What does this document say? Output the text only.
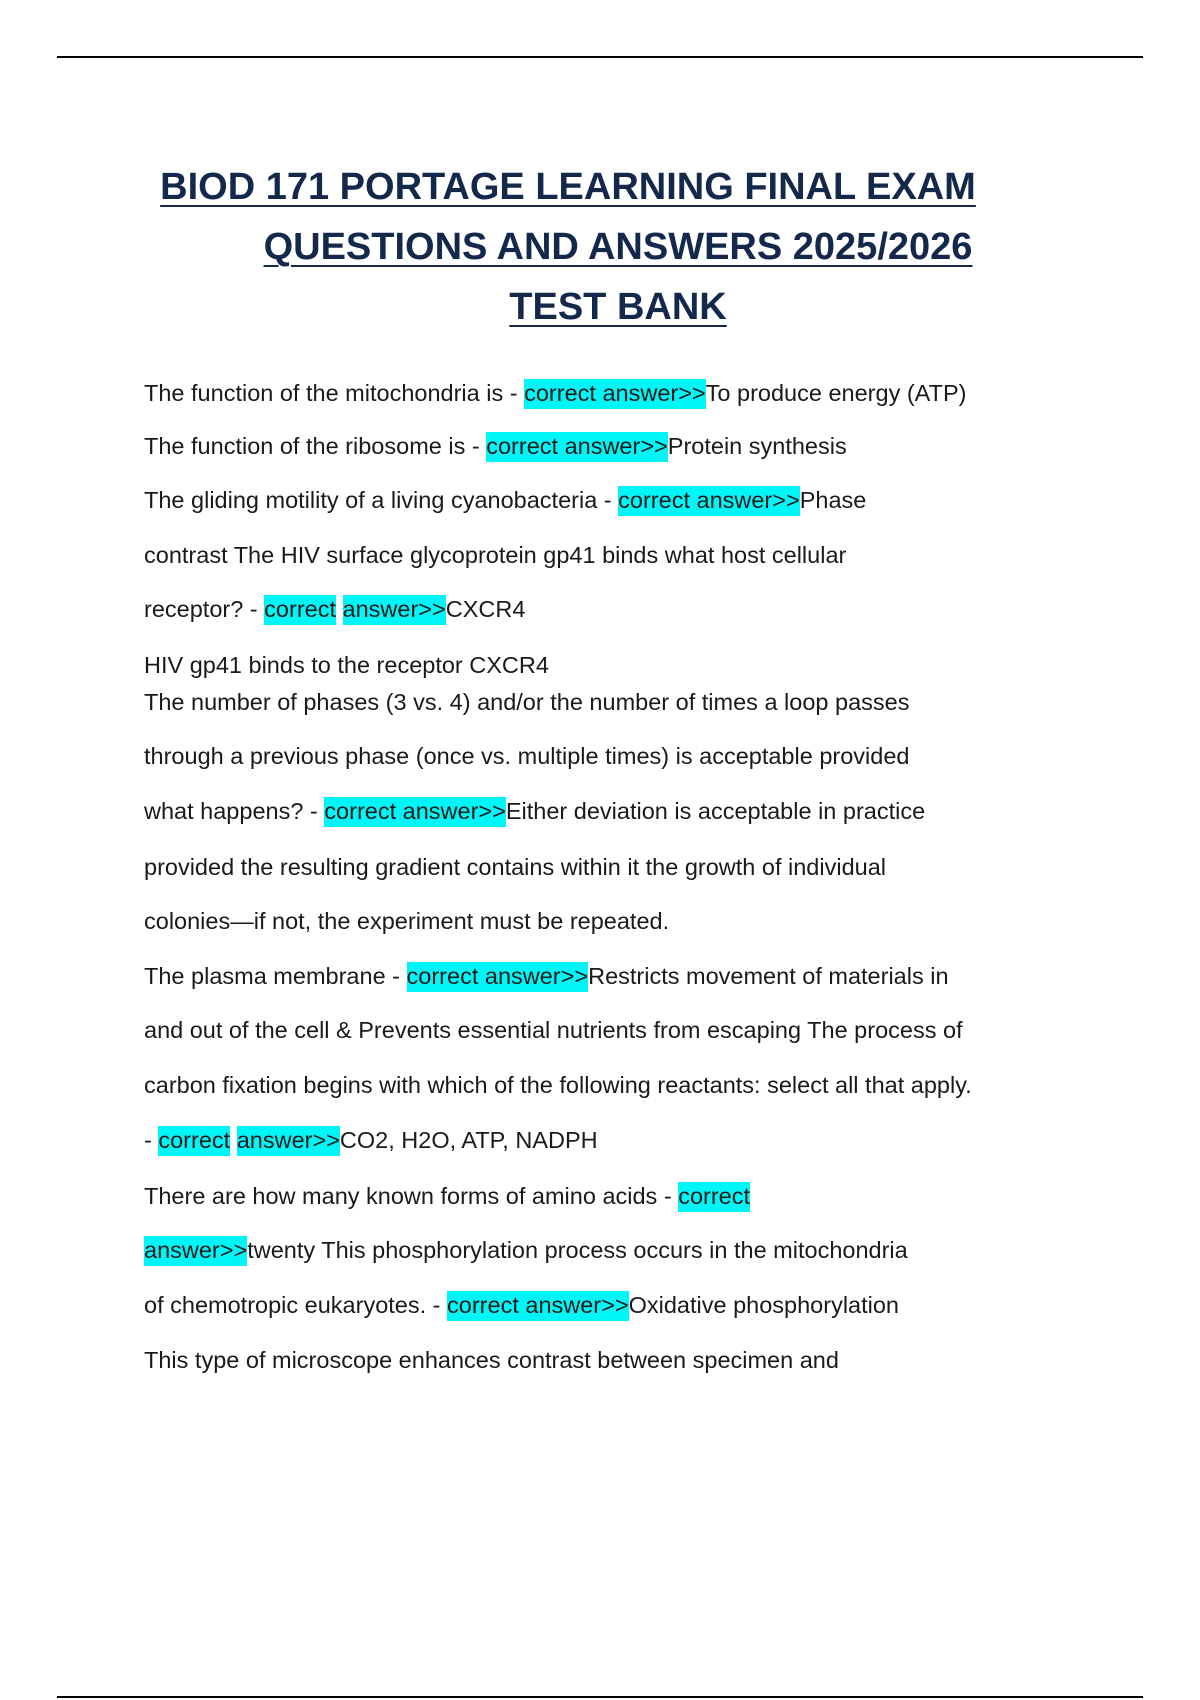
BIOD 171 PORTAGE LEARNING FINAL EXAM
QUESTIONS AND ANSWERS 2025/2026
TEST BANK
The function of the mitochondria is - correct answer>>To produce energy (ATP)
The function of the ribosome is - correct answer>>Protein synthesis
The gliding motility of a living cyanobacteria - correct answer>>Phase
contrast The HIV surface glycoprotein gp41 binds what host cellular
receptor? - correct answer>>CXCR4
HIV gp41 binds to the receptor CXCR4
The number of phases (3 vs. 4) and/or the number of times a loop passes
through a previous phase (once vs. multiple times) is acceptable provided
what happens? - correct answer>>Either deviation is acceptable in practice
provided the resulting gradient contains within it the growth of individual
colonies—if not, the experiment must be repeated.
The plasma membrane - correct answer>>Restricts movement of materials in
and out of the cell & Prevents essential nutrients from escaping The process of
carbon fixation begins with which of the following reactants: select all that apply.
- correct answer>>CO2, H2O, ATP, NADPH
There are how many known forms of amino acids - correct
answer>>twenty This phosphorylation process occurs in the mitochondria
of chemotropic eukaryotes. - correct answer>>Oxidative phosphorylation
This type of microscope enhances contrast between specimen and
